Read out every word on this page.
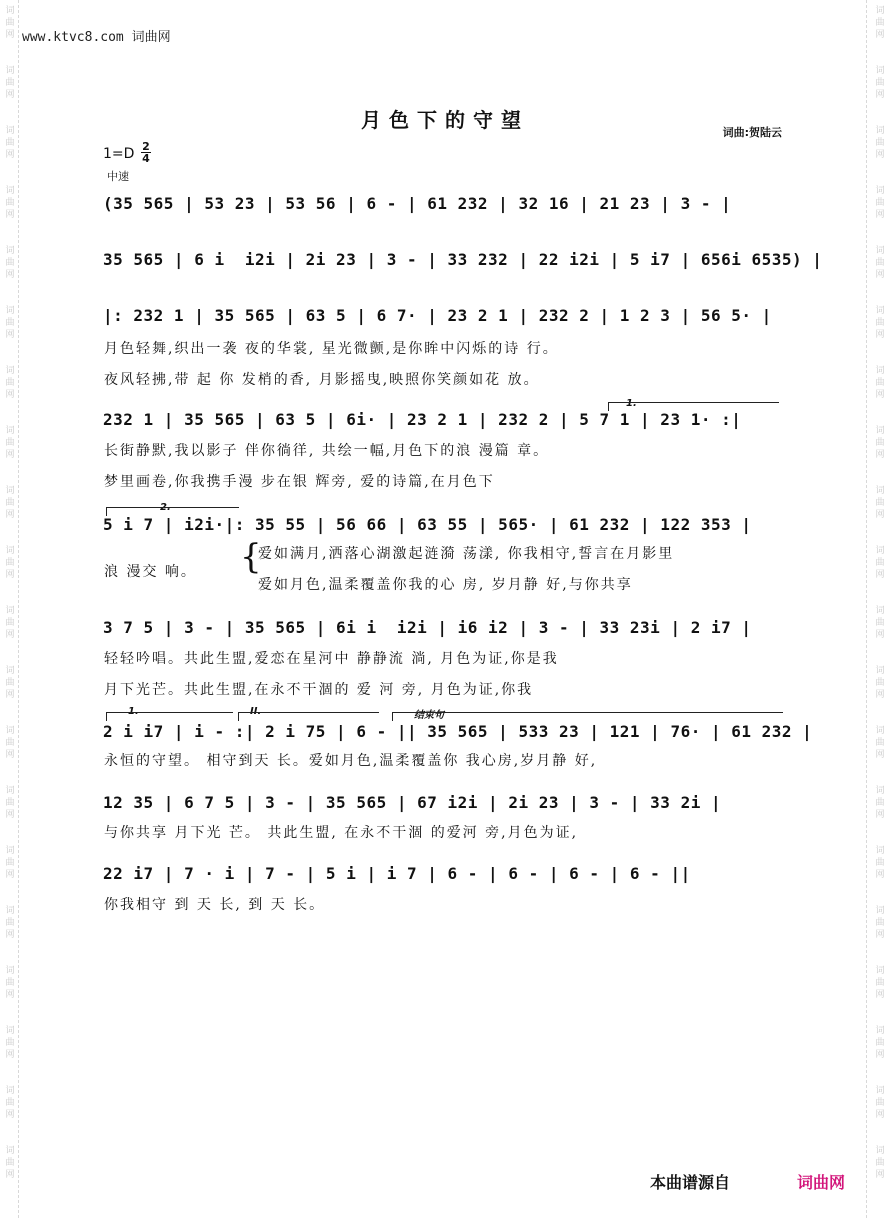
词
曲
网
词
曲
网
词
曲
网
词
曲
网
词
曲
网
词
曲
网
词
曲
网
词
曲
网
词
曲
网
词
曲
网
词
曲
网
词
曲
网
词
曲
网
词
曲
网
词
曲
网
词
曲
网
词
曲
网
词
曲
网
词
曲
网
词
曲
网
词
曲
网
词
曲
网
词
曲
网
词
曲
网
词
曲
网
词
曲
网
词
曲
网
词
曲
网
词
曲
网
词
曲
网
词
曲
网
词
曲
网
词
曲
网
词
曲
网
词
曲
网
词
曲
网
词
曲
网
词
曲
网
词
曲
网
词
曲
网
www.ktvc8.com 词曲网
月色下的守望
词曲:贺陆云
1=D 2
4
中速
(35 565 | 53 23 | 53 56 | 6 - | 61 232 | 32 16 | 21 23 | 3 - |
35 565 | 6 i  i2i | 2i 23 | 3 - | 33 232 | 22 i2i | 5 i7 | 656i 6535) |
|: 232 1 | 35 565 | 63 5 | 6 7· | 23 2 1 | 232 2 | 1 2 3 | 56 5· |
月色轻舞,织出一袭 夜的华裳, 星光微颤,是你眸中闪烁的诗 行。
夜风轻拂,带 起 你 发梢的香, 月影摇曳,映照你笑颜如花 放。
1.
232 1 | 35 565 | 63 5 | 6i· | 23 2 1 | 232 2 | 5 7 1 | 23 1· :|
长街静默,我以影子 伴你徜徉, 共绘一幅,月色下的浪 漫篇 章。
梦里画卷,你我携手漫 步在银 辉旁, 爱的诗篇,在月色下
2.
5 i 7 | i2i·|: 35 55 | 56 66 | 63 55 | 565· | 61 232 | 122 353 |
浪 漫交 响。 {
爱如满月,洒落心湖激起涟漪 荡漾, 你我相守,誓言在月影里
爱如月色,温柔覆盖你我的心 房, 岁月静 好,与你共享
3 7 5 | 3 - | 35 565 | 6i i  i2i | i6 i2 | 3 - | 33 23i | 2 i7 |
轻轻吟唱。共此生盟,爱恋在星河中 静静流 淌, 月色为证,你是我
月下光芒。共此生盟,在永不干涸的 爱 河 旁, 月色为证,你我
1.	II.	结束句
2 i i7 | i - :| 2 i 75 | 6 - || 35 565 | 533 23 | 121 | 76· | 61 232 |
永恒的守望。 相守到天 长。爱如月色,温柔覆盖你 我心房,岁月静 好,
12 35 | 6 7 5 | 3 - | 35 565 | 67 i2i | 2i 23 | 3 - | 33 2i |
与你共享 月下光 芒。 共此生盟, 在永不干涸 的爱河 旁,月色为证,
22 i7 | 7 · i | 7 - | 5 i | i 7 | 6 - | 6 - | 6 - | 6 - ||
你我相守 到 天 长, 到 天 长。
本曲谱源自	词曲网
